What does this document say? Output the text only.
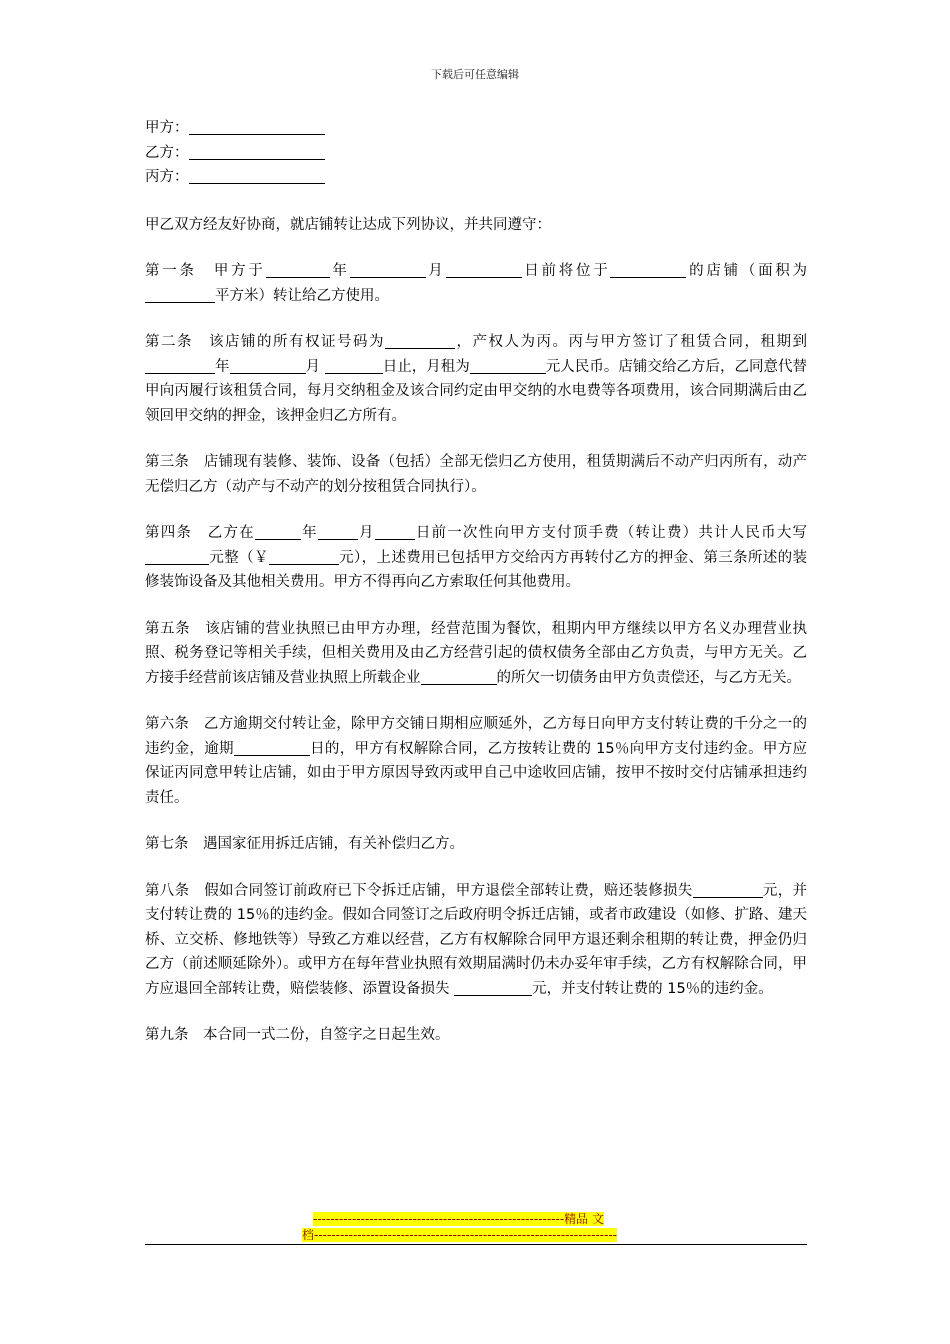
下载后可任意编辑
甲方：
乙方：
丙方：
甲乙双方经友好协商，就店铺转让达成下列协议，并共同遵守：
第一条　甲方于	年	月	日前将位于	的店铺（面积为平方米）转让给乙方使用。
第二条　该店铺的所有权证号码为	，产权人为丙。丙与甲方签订了租赁合同，租期到年	月	日止，月租为	元人民币。店铺交给乙方后，乙同意代替甲向丙履行该租赁合同，每月交纳租金及该合同约定由甲交纳的水电费等各项费用，该合同期满后由乙领回甲交纳的押金，该押金归乙方所有。
第三条　店铺现有装修、装饰、设备（包括）全部无偿归乙方使用，租赁期满后不动产归丙所有，动产无偿归乙方（动产与不动产的划分按租赁合同执行）。
第四条　乙方在	年	月	日前一次性向甲方支付顶手费（转让费）共计人民币大写元整（￥	元），上述费用已包括甲方交给丙方再转付乙方的押金、第三条所述的装修装饰设备及其他相关费用。甲方不得再向乙方索取任何其他费用。
第五条　该店铺的营业执照已由甲方办理，经营范围为餐饮，租期内甲方继续以甲方名义办理营业执照、税务登记等相关手续，但相关费用及由乙方经营引起的债权债务全部由乙方负责，与甲方无关。乙方接手经营前该店铺及营业执照上所载企业	的所欠一切债务由甲方负责偿还，与乙方无关。
第六条　乙方逾期交付转让金，除甲方交铺日期相应顺延外，乙方每日向甲方支付转让费的千分之一的违约金，逾期	日的，甲方有权解除合同，乙方按转让费的 15％向甲方支付违约金。甲方应保证丙同意甲转让店铺，如由于甲方原因导致丙或甲自己中途收回店铺，按甲不按时交付店铺承担违约责任。
第七条　遇国家征用拆迁店铺，有关补偿归乙方。
第八条　假如合同签订前政府已下令拆迁店铺，甲方退偿全部转让费，赔还装修损失	元，并支付转让费的 15％的违约金。假如合同签订之后政府明令拆迁店铺，或者市政建设（如修、扩路、建天桥、立交桥、修地铁等）导致乙方难以经营，乙方有权解除合同甲方退还剩余租期的转让费，押金仍归乙方（前述顺延除外）。或甲方在每年营业执照有效期届满时仍未办妥年审手续，乙方有权解除合同，甲方应退回全部转让费，赔偿装修、添置设备损失	元，并支付转让费的 15％的违约金。
第九条　本合同一式二份，自签字之日起生效。
----------------------------------------------------------精品 文
档----------------------------------------------------------------------
